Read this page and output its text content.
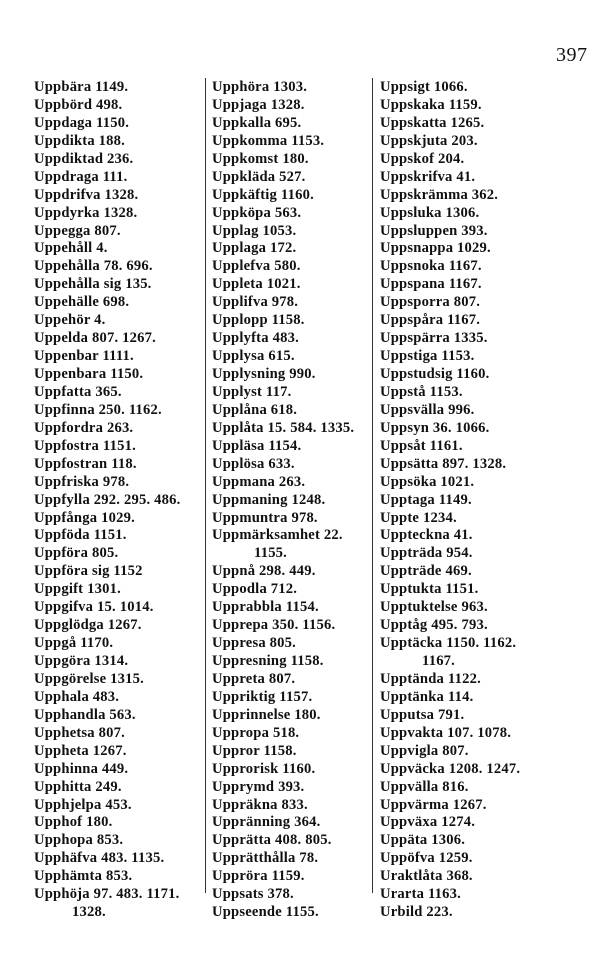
397
Uppbära 1149.
Uppbörd 498.
Uppdaga 1150.
Uppdikta 188.
Uppdiktad 236.
Uppdraga 111.
Uppdrifva 1328.
Uppdyrka 1328.
Uppegga 807.
Uppehåll 4.
Uppehålla 78. 696.
Uppehålla sig 135.
Uppehälle 698.
Uppehör 4.
Uppelda 807. 1267.
Uppenbar 1111.
Uppenbara 1150.
Uppfatta 365.
Uppfinna 250. 1162.
Uppfordra 263.
Uppfostra 1151.
Uppfostran 118.
Uppfriska 978.
Uppfylla 292. 295. 486.
Uppfånga 1029.
Uppföda 1151.
Uppföra 805.
Uppföra sig 1152
Uppgift 1301.
Uppgifva 15. 1014.
Uppglödga 1267.
Uppgå 1170.
Uppgöra 1314.
Uppgörelse 1315.
Upphala 483.
Upphandla 563.
Upphetsa 807.
Uppheta 1267.
Upphinna 449.
Upphitta 249.
Upphjelpa 453.
Upphof 180.
Upphopa 853.
Upphäfva 483. 1135.
Upphämta 853.
Upphöja 97. 483. 1171.
1328.
Upphöra 1303.
Uppjaga 1328.
Uppkalla 695.
Uppkomma 1153.
Uppkomst 180.
Uppkläda 527.
Uppkäftig 1160.
Uppköpa 563.
Upplag 1053.
Upplaga 172.
Upplefva 580.
Uppleta 1021.
Upplifva 978.
Upplopp 1158.
Upplyfta 483.
Upplysa 615.
Upplysning 990.
Upplyst 117.
Upplåna 618.
Upplåta 15. 584. 1335.
Uppläsa 1154.
Upplösa 633.
Uppmana 263.
Uppmaning 1248.
Uppmuntra 978.
Uppmärksamhet 22.
1155.
Uppnå 298. 449.
Uppodla 712.
Upprabbla 1154.
Upprepa 350. 1156.
Uppresa 805.
Uppresning 1158.
Uppreta 807.
Uppriktig 1157.
Upprinnelse 180.
Uppropa 518.
Uppror 1158.
Upprorisk 1160.
Upprymd 393.
Uppräkna 833.
Uppränning 364.
Upprätta 408. 805.
Upprätthålla 78.
Uppröra 1159.
Uppsats 378.
Uppseende 1155.
Uppsigt 1066.
Uppskaka 1159.
Uppskatta 1265.
Uppskjuta 203.
Uppskof 204.
Uppskrifva 41.
Uppskrämma 362.
Uppsluka 1306.
Uppsluppen 393.
Uppsnappa 1029.
Uppsnoka 1167.
Uppspana 1167.
Uppsporra 807.
Uppspåra 1167.
Uppspärra 1335.
Uppstiga 1153.
Uppstudsig 1160.
Uppstå 1153.
Uppsvälla 996.
Uppsyn 36. 1066.
Uppsåt 1161.
Uppsätta 897. 1328.
Uppsöka 1021.
Upptaga 1149.
Uppte 1234.
Uppteckna 41.
Uppträda 954.
Uppträde 469.
Upptukta 1151.
Upptuktelse 963.
Upptåg 495. 793.
Upptäcka 1150. 1162.
1167.
Upptända 1122.
Upptänka 114.
Upputsa 791.
Uppvakta 107. 1078.
Uppvigla 807.
Uppväcka 1208. 1247.
Uppvälla 816.
Uppvärma 1267.
Uppväxa 1274.
Uppäta 1306.
Uppöfva 1259.
Uraktlåta 368.
Urarta 1163.
Urbild 223.
